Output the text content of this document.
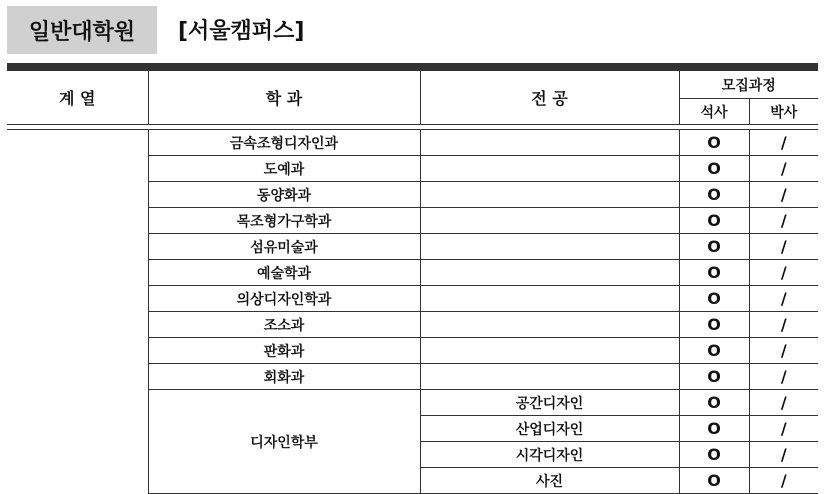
일반대학원 [서울캠퍼스]
계 열	학 과	전 공	모집과정	
			석사	박사

	금속조형디자인과		O	/
	도예과		O	/
	동양화과		O	/
	목조형가구학과		O	/
	섬유미술과		O	/
	예술학과		O	/
	의상디자인학과		O	/
	조소과		O	/
	판화과		O	/
	회화과		O	/
	디자인학부	공간디자인	O	/
		산업디자인	O	/
		시각디자인	O	/
		사진	O	/
